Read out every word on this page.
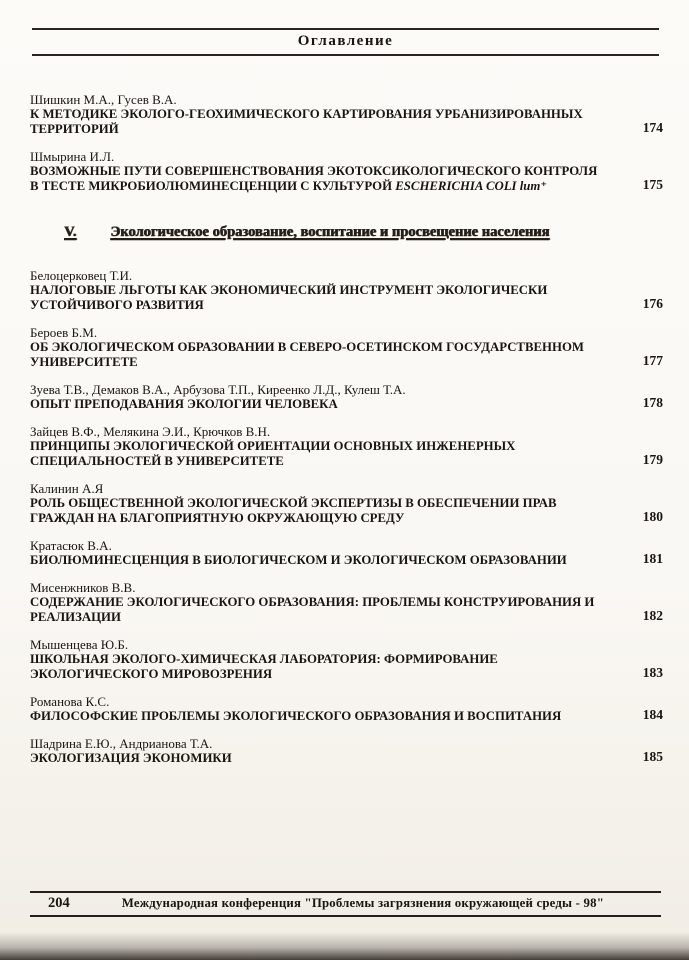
Оглавление
Шишкин М.А., Гусев В.А.
К МЕТОДИКЕ ЭКОЛОГО-ГЕОХИМИЧЕСКОГО КАРТИРОВАНИЯ УРБАНИЗИРОВАННЫХ ТЕРРИТОРИЙ	174
Шмырина И.Л.
ВОЗМОЖНЫЕ ПУТИ СОВЕРШЕНСТВОВАНИЯ ЭКОТОКСИКОЛОГИЧЕСКОГО КОНТРОЛЯ В ТЕСТЕ МИКРОБИОЛЮМИНЕСЦЕНЦИИ С КУЛЬТУРОЙ ESCHERICHIA COLI lum⁺	175
V. Экологическое образование, воспитание и просвещение населения
Белоцерковец Т.И.
НАЛОГОВЫЕ ЛЬГОТЫ КАК ЭКОНОМИЧЕСКИЙ ИНСТРУМЕНТ ЭКОЛОГИЧЕСКИ УСТОЙЧИВОГО РАЗВИТИЯ	176
Бероев Б.М.
ОБ ЭКОЛОГИЧЕСКОМ ОБРАЗОВАНИИ В СЕВЕРО-ОСЕТИНСКОМ ГОСУДАРСТВЕННОМ УНИВЕРСИТЕТЕ	177
Зуева Т.В., Демаков В.А., Арбузова Т.П., Киреенко Л.Д., Кулеш Т.А.
ОПЫТ ПРЕПОДАВАНИЯ ЭКОЛОГИИ ЧЕЛОВЕКА	178
Зайцев В.Ф., Мелякина Э.И., Крючков В.Н.
ПРИНЦИПЫ ЭКОЛОГИЧЕСКОЙ ОРИЕНТАЦИИ ОСНОВНЫХ ИНЖЕНЕРНЫХ СПЕЦИАЛЬНОСТЕЙ В УНИВЕРСИТЕТЕ	179
Калинин А.Я
РОЛЬ ОБЩЕСТВЕННОЙ ЭКОЛОГИЧЕСКОЙ ЭКСПЕРТИЗЫ В ОБЕСПЕЧЕНИИ ПРАВ ГРАЖДАН НА БЛАГОПРИЯТНУЮ ОКРУЖАЮЩУЮ СРЕДУ	180
Кратасюк В.А.
БИОЛЮМИНЕСЦЕНЦИЯ В БИОЛОГИЧЕСКОМ И ЭКОЛОГИЧЕСКОМ ОБРАЗОВАНИИ	181
Мисенжников В.В.
СОДЕРЖАНИЕ ЭКОЛОГИЧЕСКОГО ОБРАЗОВАНИЯ: ПРОБЛЕМЫ КОНСТРУИРОВАНИЯ И РЕАЛИЗАЦИИ	182
Мышенцева Ю.Б.
ШКОЛЬНАЯ ЭКОЛОГО-ХИМИЧЕСКАЯ ЛАБОРАТОРИЯ: ФОРМИРОВАНИЕ ЭКОЛОГИЧЕСКОГО МИРОВОЗРЕНИЯ	183
Романова К.С.
ФИЛОСОФСКИЕ ПРОБЛЕМЫ ЭКОЛОГИЧЕСКОГО ОБРАЗОВАНИЯ И ВОСПИТАНИЯ	184
Шадрина Е.Ю., Андрианова Т.А.
ЭКОЛОГИЗАЦИЯ ЭКОНОМИКИ	185
204	Международная конференция "Проблемы загрязнения окружающей среды - 98"
